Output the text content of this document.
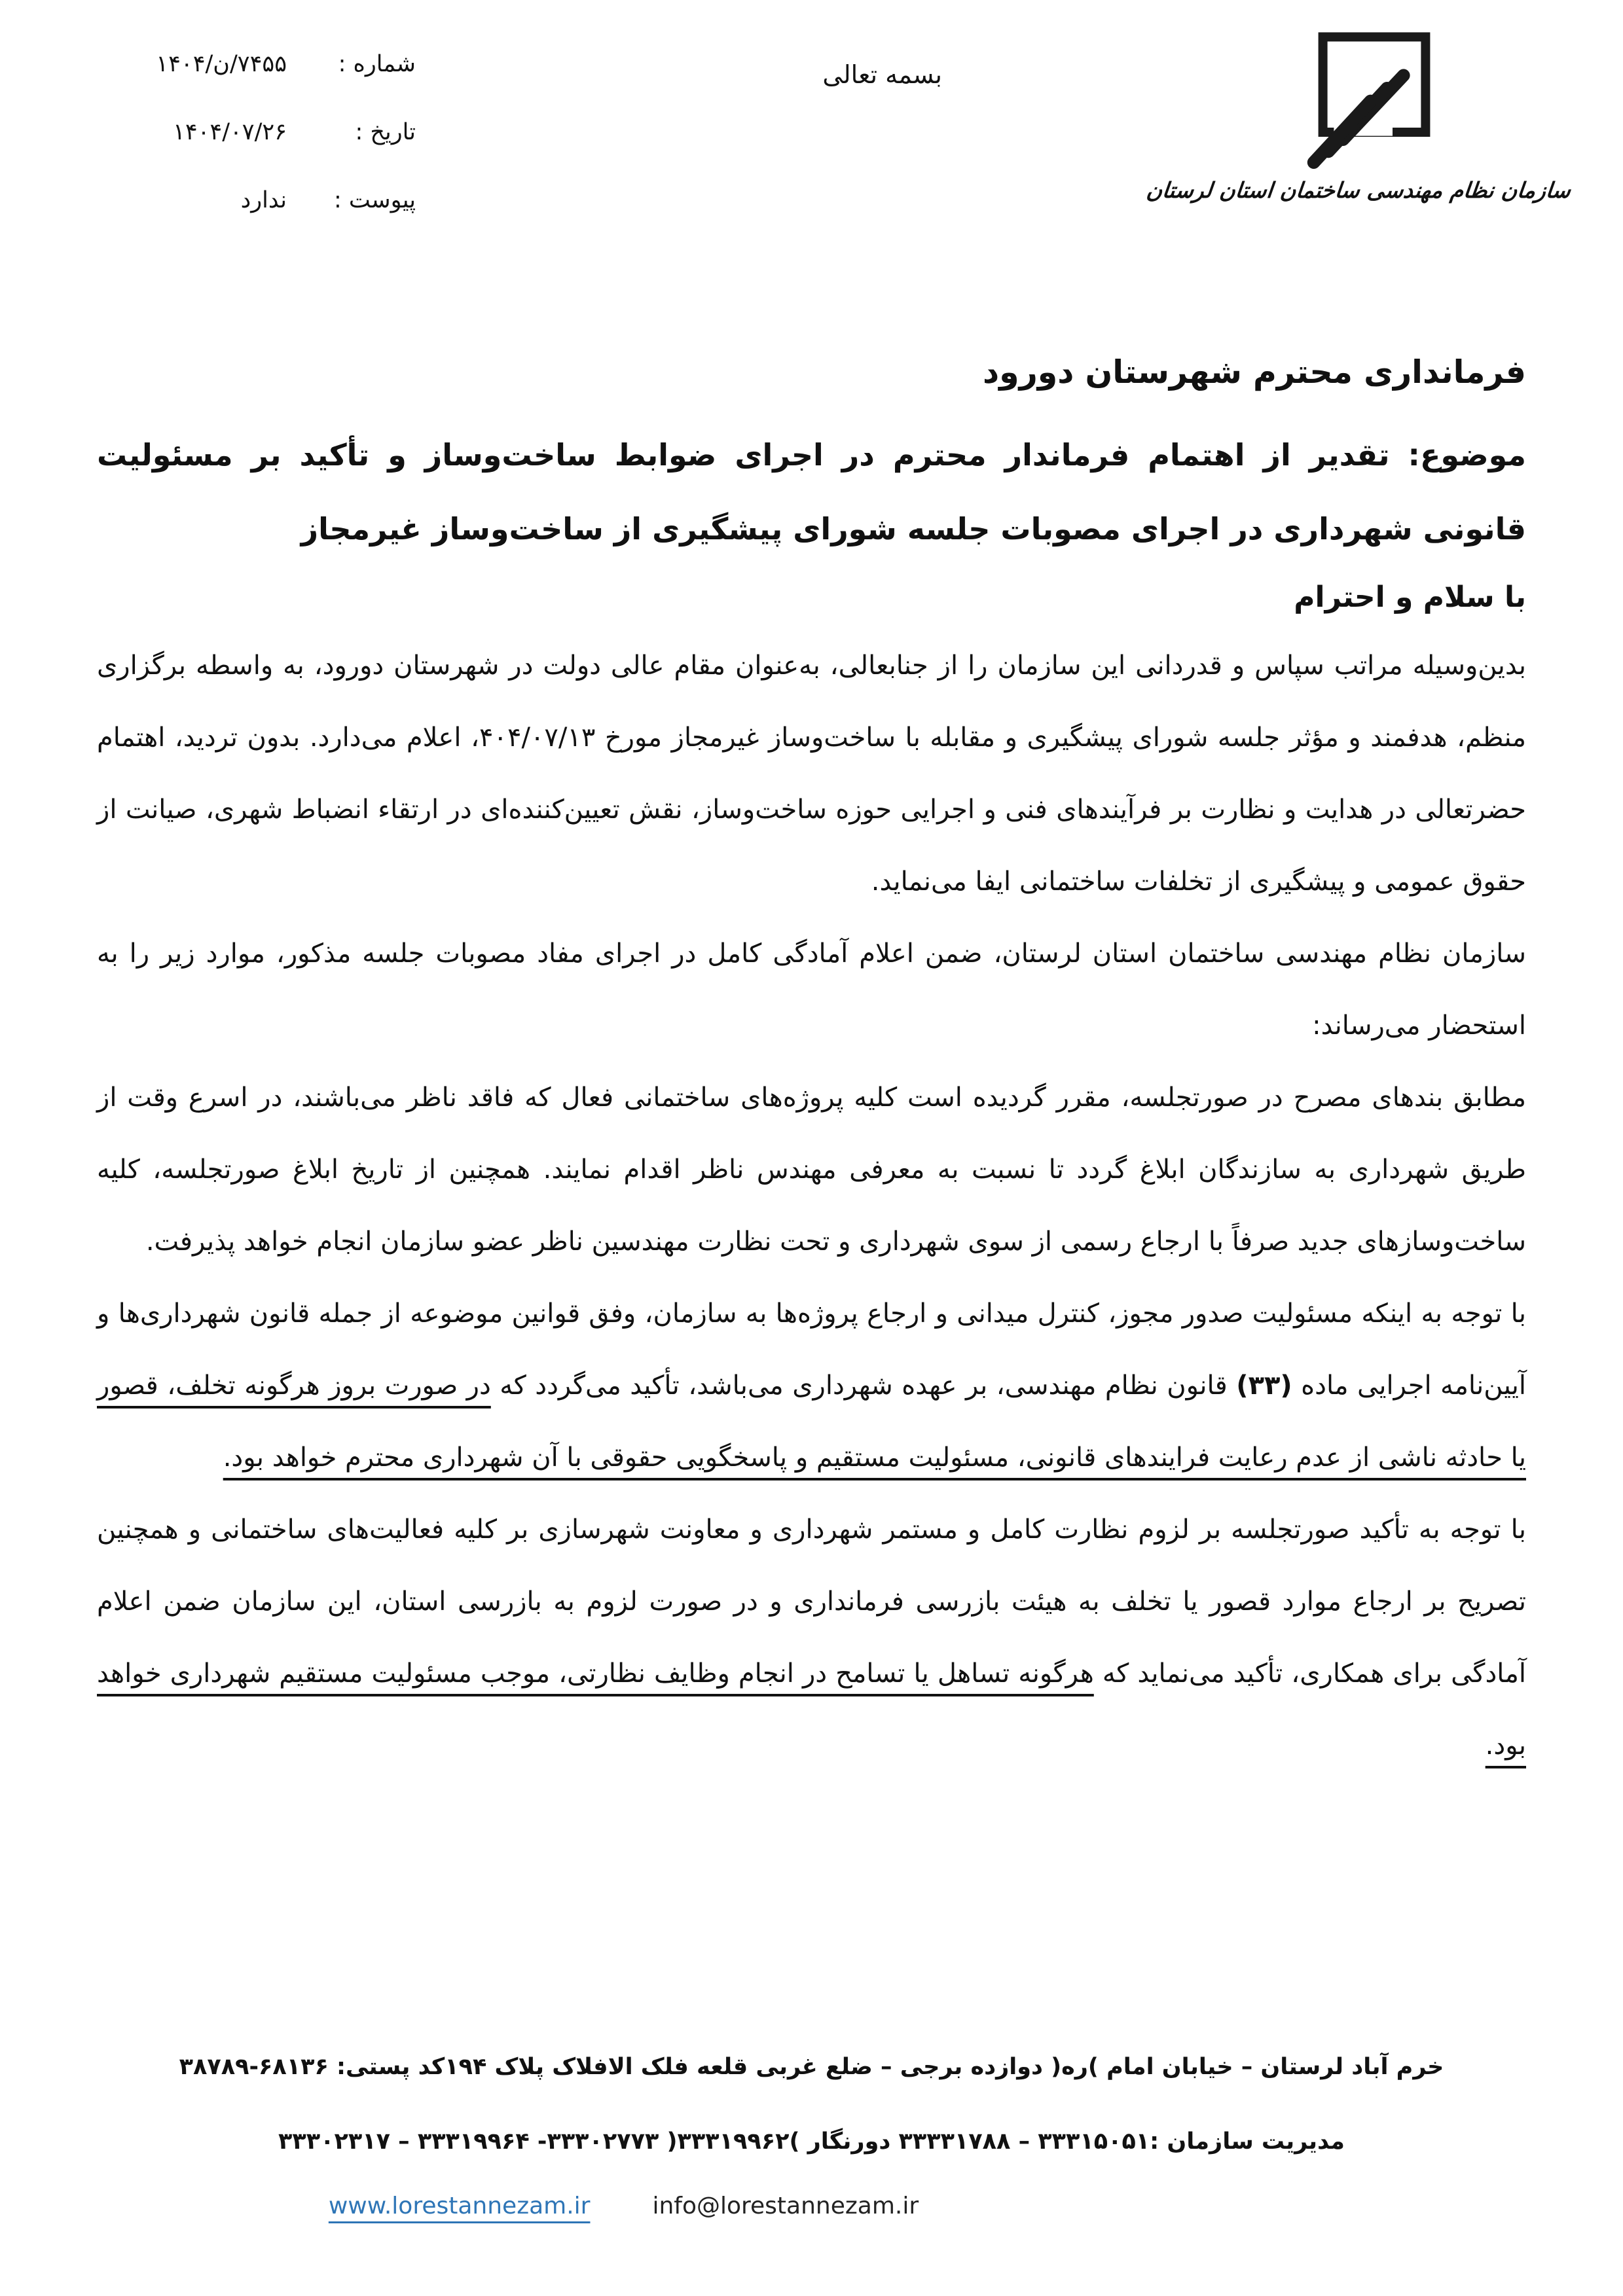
شماره :
۷۴۵۵/ن/۱۴۰۴
تاریخ :
۱۴۰۴/۰۷/۲۶
پیوست :
ندارد
بسمه تعالی
سازمان نظام مهندسی ساختمان استان لرستان
فرمانداری محترم شهرستان دورود
موضوع: تقدیر از اهتمام فرماندار محترم در اجرای ضوابط ساخت‌وساز و تأکید بر مسئولیت قانونی شهرداری در اجرای مصوبات جلسه شورای پیشگیری از ساخت‌وساز غیرمجاز
با سلام و احترام

بدین‌وسیله مراتب سپاس و قدردانی این سازمان را از جنابعالی، به‌عنوان مقام عالی دولت در شهرستان دورود، به واسطه برگزاری منظم، هدفمند و مؤثر جلسه شورای پیشگیری و مقابله با ساخت‌وساز غیرمجاز مورخ ۴۰۴/۰۷/۱۳، اعلام می‌دارد. بدون تردید، اهتمام حضرتعالی در هدایت و نظارت بر فرآیندهای فنی و اجرایی حوزه ساخت‌وساز، نقش تعیین‌کننده‌ای در ارتقاء انضباط شهری، صیانت از حقوق عمومی و پیشگیری از تخلفات ساختمانی ایفا می‌نماید.

سازمان نظام مهندسی ساختمان استان لرستان، ضمن اعلام آمادگی کامل در اجرای مفاد مصوبات جلسه مذکور، موارد زیر را به استحضار می‌رساند:

مطابق بندهای مصرح در صورتجلسه، مقرر گردیده است کلیه پروژه‌های ساختمانی فعال که فاقد ناظر می‌باشند، در اسرع وقت از طریق شهرداری به سازندگان ابلاغ گردد تا نسبت به معرفی مهندس ناظر اقدام نمایند. همچنین از تاریخ ابلاغ صورتجلسه، کلیه ساخت‌وسازهای جدید صرفاً با ارجاع رسمی از سوی شهرداری و تحت نظارت مهندسین ناظر عضو سازمان انجام خواهد پذیرفت.

با توجه به اینکه مسئولیت صدور مجوز، کنترل میدانی و ارجاع پروژه‌ها به سازمان، وفق قوانین موضوعه از جمله قانون شهرداری‌ها و آیین‌نامه اجرایی ماده (۳۳) قانون نظام مهندسی، بر عهده شهرداری می‌باشد، تأکید می‌گردد که در صورت بروز هرگونه تخلف، قصور یا حادثه ناشی از عدم رعایت فرایندهای قانونی، مسئولیت مستقیم و پاسخگویی حقوقی با آن شهرداری محترم خواهد بود.

با توجه به تأکید صورتجلسه بر لزوم نظارت کامل و مستمر شهرداری و معاونت شهرسازی بر کلیه فعالیت‌های ساختمانی و همچنین تصریح بر ارجاع موارد قصور یا تخلف به هیئت بازرسی فرمانداری و در صورت لزوم به بازرسی استان، این سازمان ضمن اعلام آمادگی برای همکاری، تأکید می‌نماید که هرگونه تساهل یا تسامح در انجام وظایف نظارتی، موجب مسئولیت مستقیم شهرداری خواهد بود.

خرم آباد لرستان – خیابان امام )ره( دوازده برجی – ضلع غربی قلعه فلک الافلاک پلاک ۱۹۴کد پستی: ۶۸۱۳۶-۳۸۷۸۹
مدیریت سازمان :۳۳۳۱۵۰۵۱ – ۳۳۳۳۱۷۸۸ دورنگار )۳۳۳۱۹۹۶۲( ۳۳۳۰۲۷۷۳- ۳۳۳۱۹۹۶۴ – ۳۳۳۰۲۳۱۷
www.lorestannezam.ir	info@lorestannezam.ir
